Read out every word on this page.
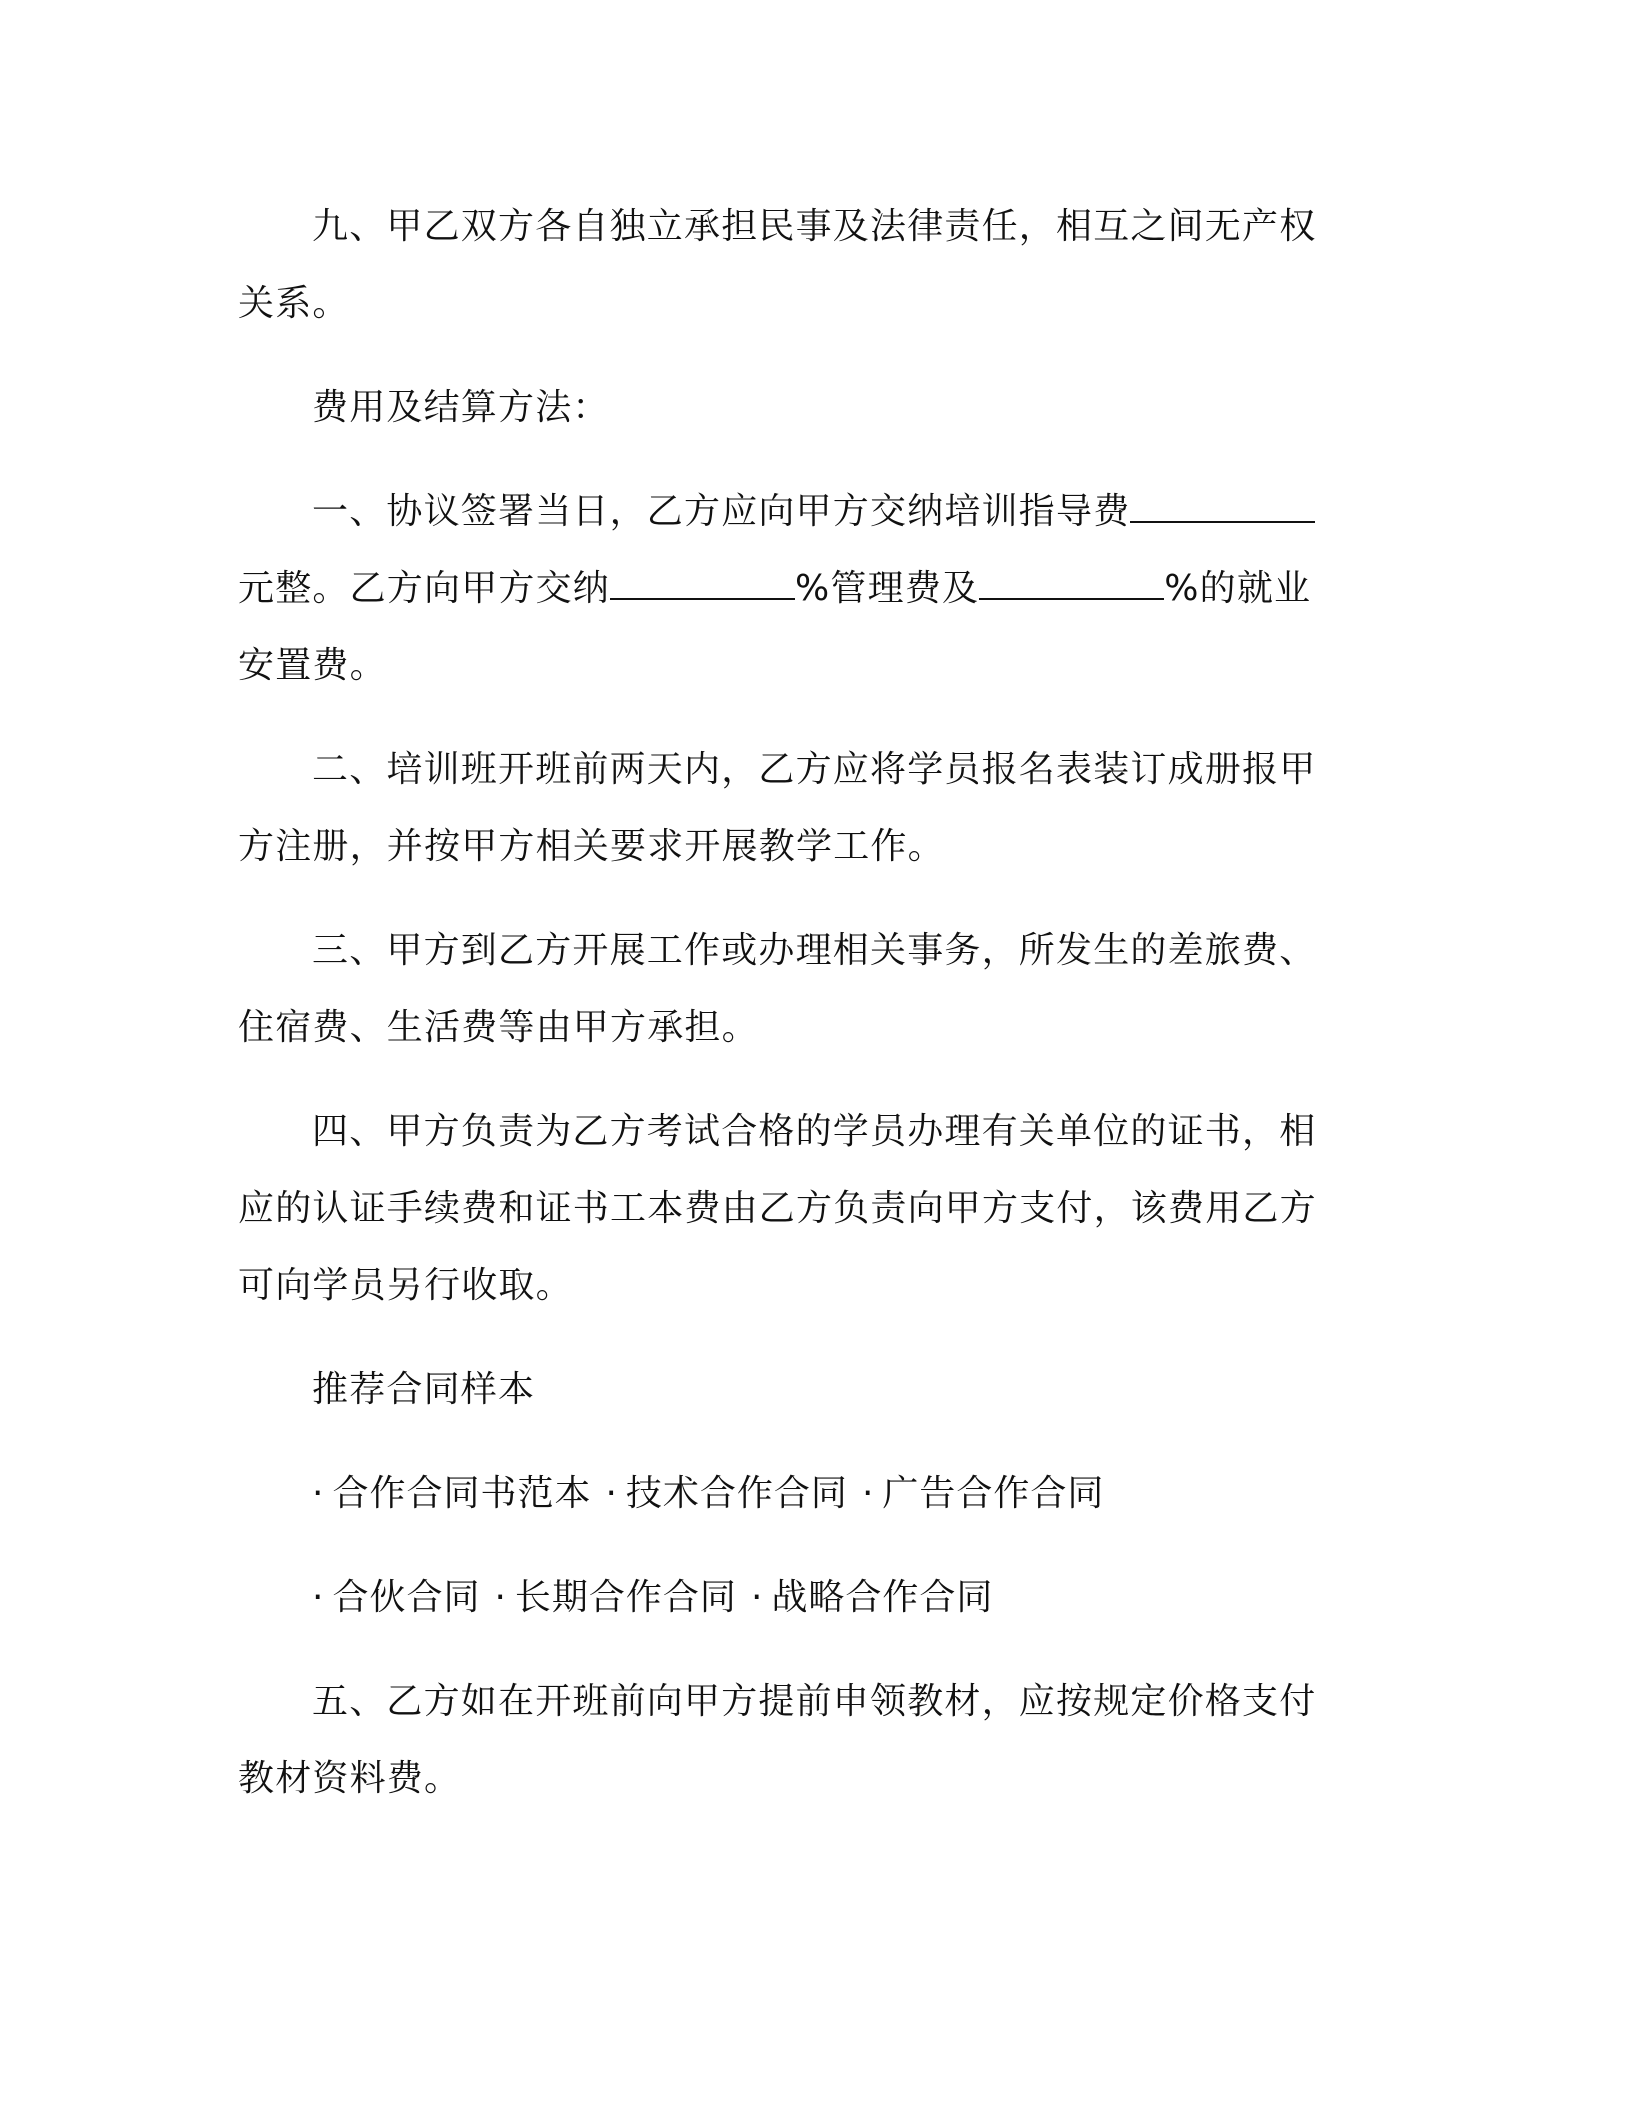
九、甲乙双方各自独立承担民事及法律责任，相互之间无产权关系。

费用及结算方法：

一、协议签署当日，乙方应向甲方交纳培训指导费元整。乙方向甲方交纳	%管理费及	%的就业安置费。

二、培训班开班前两天内，乙方应将学员报名表装订成册报甲方注册，并按甲方相关要求开展教学工作。

三、甲方到乙方开展工作或办理相关事务，所发生的差旅费、住宿费、生活费等由甲方承担。

四、甲方负责为乙方考试合格的学员办理有关单位的证书，相应的认证手续费和证书工本费由乙方负责向甲方支付，该费用乙方可向学员另行收取。

推荐合同样本

· 合作合同书范本 · 技术合作合同 · 广告合作合同

· 合伙合同 · 长期合作合同 · 战略合作合同

五、乙方如在开班前向甲方提前申领教材，应按规定价格支付教材资料费。
